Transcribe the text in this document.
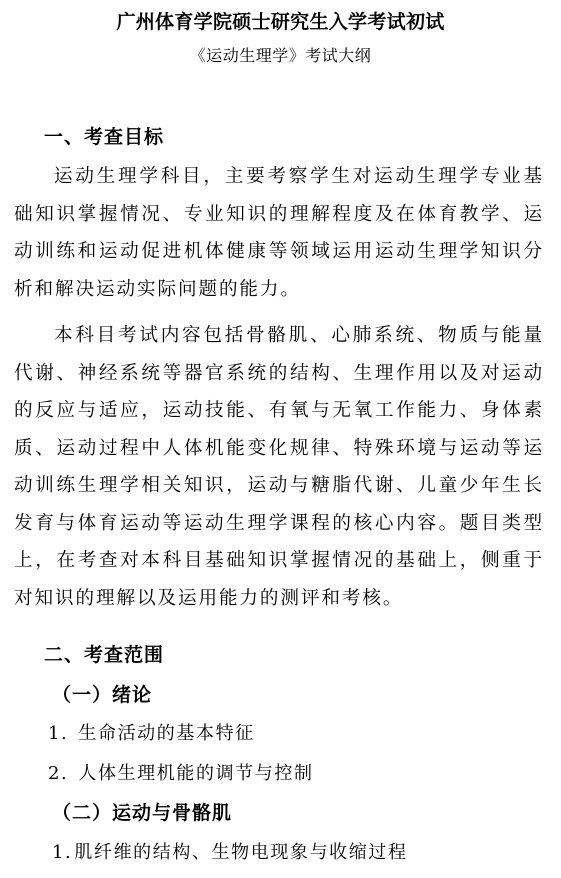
广州体育学院硕士研究生入学考试初试
《运动生理学》考试大纲
一、考查目标

运动生理学科目，主要考察学生对运动生理学专业基础知识掌握情况、专业知识的理解程度及在体育教学、运动训练和运动促进机体健康等领域运用运动生理学知识分析和解决运动实际问题的能力。

本科目考试内容包括骨骼肌、心肺系统、物质与能量代谢、神经系统等器官系统的结构、生理作用以及对运动的反应与适应，运动技能、有氧与无氧工作能力、身体素质、运动过程中人体机能变化规律、特殊环境与运动等运动训练生理学相关知识，运动与糖脂代谢、儿童少年生长发育与体育运动等运动生理学课程的核心内容。题目类型上，在考查对本科目基础知识掌握情况的基础上，侧重于对知识的理解以及运用能力的测评和考核。

二、考查范围
（一）绪论
1. 生命活动的基本特征
2. 人体生理机能的调节与控制
（二）运动与骨骼肌
1. 肌纤维的结构、生物电现象与收缩过程
